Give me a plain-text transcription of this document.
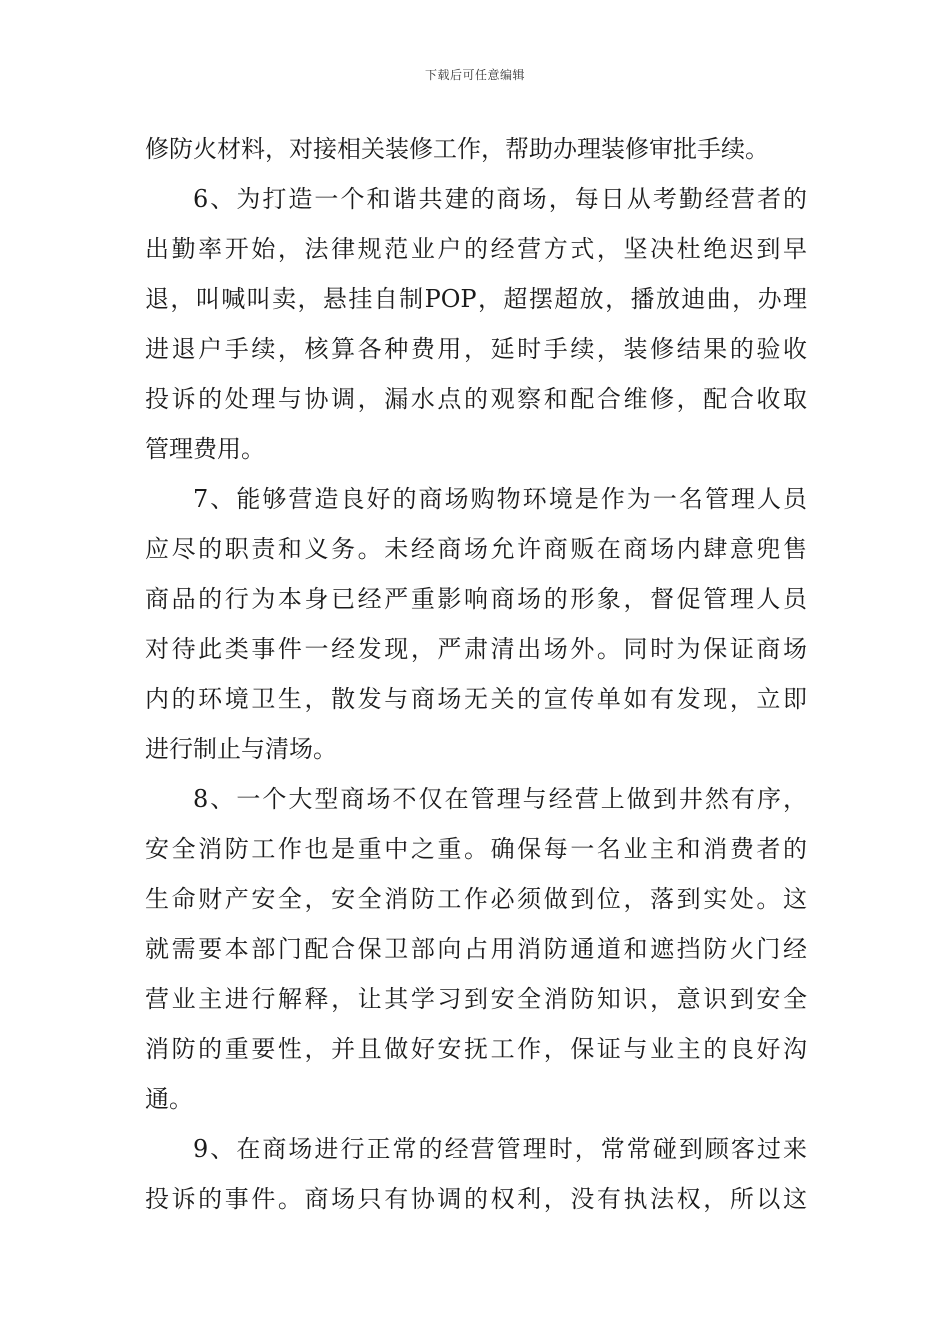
下载后可任意编辑
修防火材料，对接相关装修工作，帮助办理装修审批手续。
6、为打造一个和谐共建的商场，每日从考勤经营者的
出勤率开始，法律规范业户的经营方式，坚决杜绝迟到早
退，叫喊叫卖，悬挂自制POP，超摆超放，播放迪曲，办理
进退户手续，核算各种费用，延时手续，装修结果的验收
投诉的处理与协调，漏水点的观察和配合维修，配合收取
管理费用。
7、能够营造良好的商场购物环境是作为一名管理人员
应尽的职责和义务。未经商场允许商贩在商场内肆意兜售
商品的行为本身已经严重影响商场的形象，督促管理人员
对待此类事件一经发现，严肃清出场外。同时为保证商场
内的环境卫生，散发与商场无关的宣传单如有发现，立即
进行制止与清场。
8、一个大型商场不仅在管理与经营上做到井然有序，
安全消防工作也是重中之重。确保每一名业主和消费者的
生命财产安全，安全消防工作必须做到位，落到实处。这
就需要本部门配合保卫部向占用消防通道和遮挡防火门经
营业主进行解释，让其学习到安全消防知识，意识到安全
消防的重要性，并且做好安抚工作，保证与业主的良好沟
通。
9、在商场进行正常的经营管理时，常常碰到顾客过来
投诉的事件。商场只有协调的权利，没有执法权，所以这
